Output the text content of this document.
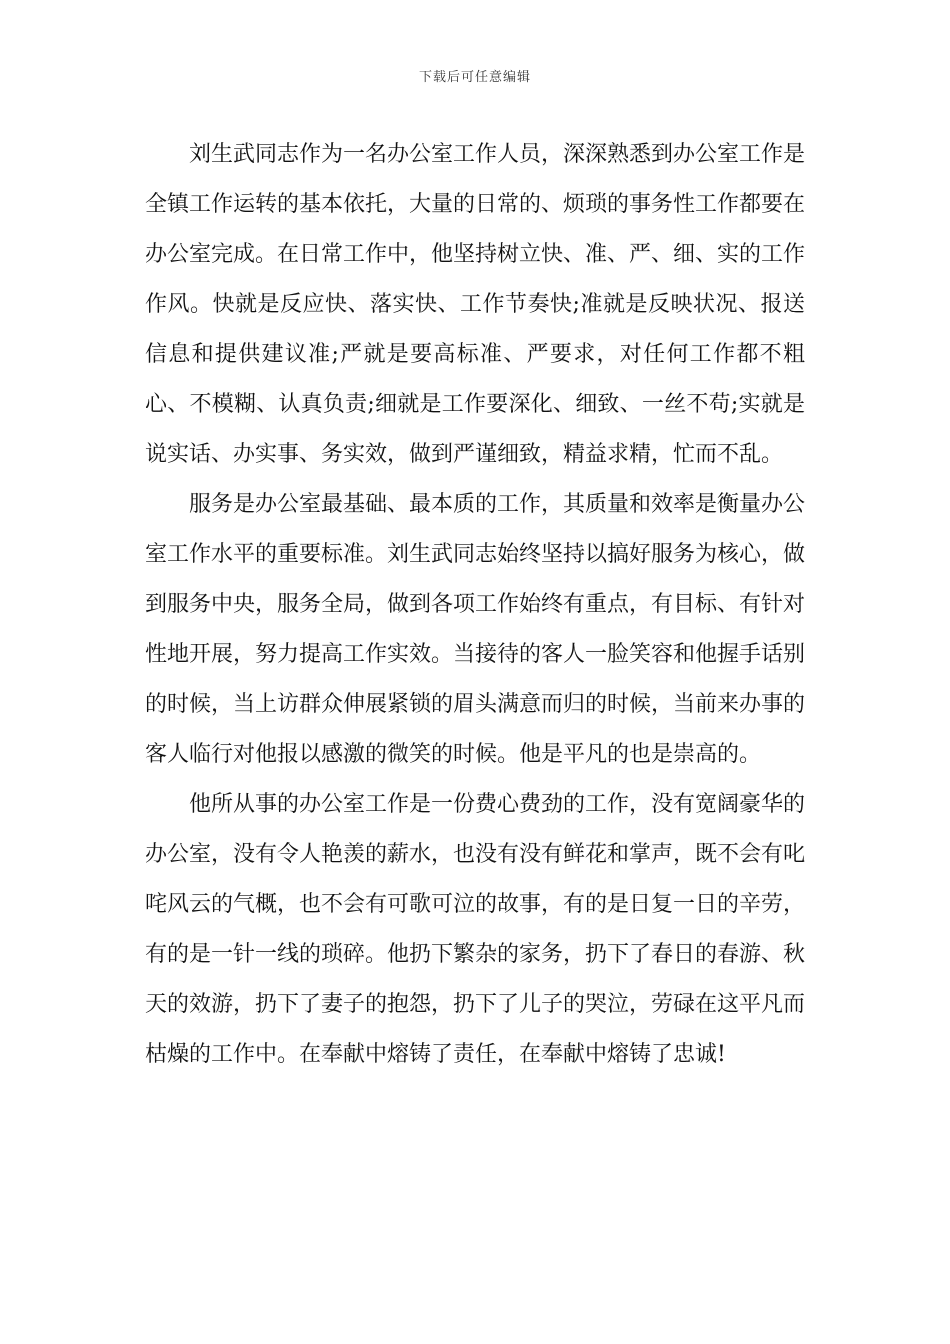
下载后可任意编辑

刘生武同志作为一名办公室工作人员，深深熟悉到办公室工作是全镇工作运转的基本依托，大量的日常的、烦琐的事务性工作都要在办公室完成。在日常工作中，他坚持树立快、准、严、细、实的工作作风。快就是反应快、落实快、工作节奏快;准就是反映状况、报送信息和提供建议准;严就是要高标准、严要求，对任何工作都不粗心、不模糊、认真负责;细就是工作要深化、细致、一丝不苟;实就是说实话、办实事、务实效，做到严谨细致，精益求精，忙而不乱。

服务是办公室最基础、最本质的工作，其质量和效率是衡量办公室工作水平的重要标准。刘生武同志始终坚持以搞好服务为核心，做到服务中央，服务全局，做到各项工作始终有重点，有目标、有针对性地开展，努力提高工作实效。当接待的客人一脸笑容和他握手话别的时候，当上访群众伸展紧锁的眉头满意而归的时候，当前来办事的客人临行对他报以感激的微笑的时候。他是平凡的也是崇高的。

他所从事的办公室工作是一份费心费劲的工作，没有宽阔豪华的办公室，没有令人艳羡的薪水，也没有没有鲜花和掌声，既不会有叱咤风云的气概，也不会有可歌可泣的故事，有的是日复一日的辛劳，有的是一针一线的琐碎。他扔下繁杂的家务，扔下了春日的春游、秋天的效游，扔下了妻子的抱怨，扔下了儿子的哭泣，劳碌在这平凡而枯燥的工作中。在奉献中熔铸了责任，在奉献中熔铸了忠诚!
